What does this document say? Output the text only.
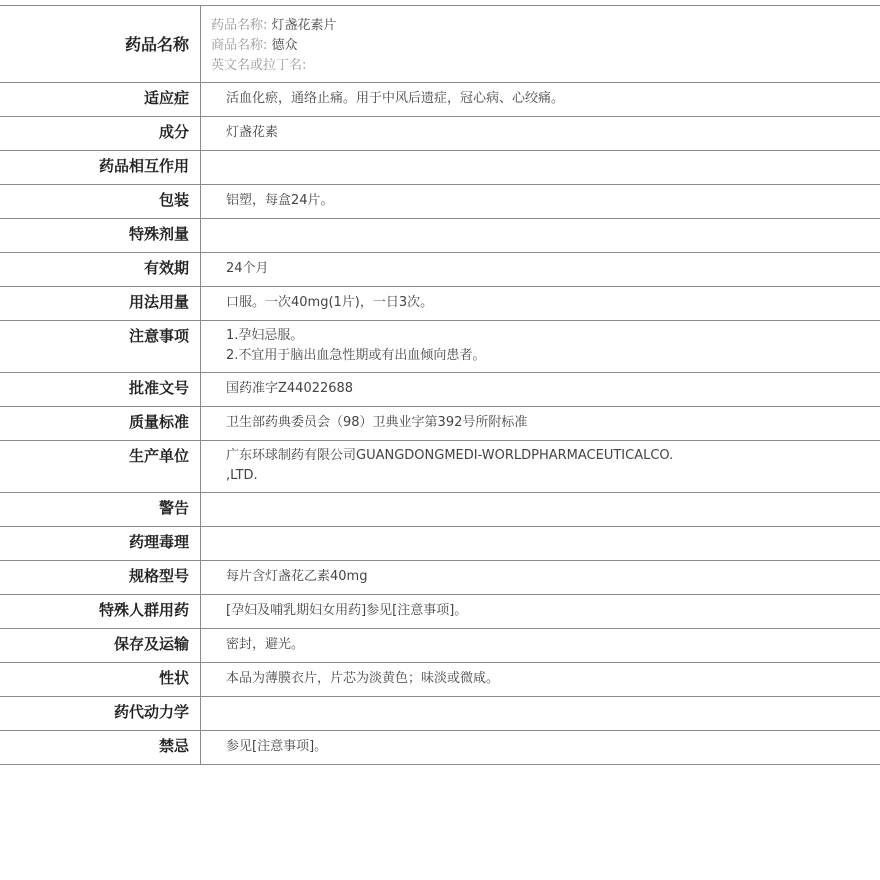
药品名称	药品名称: 灯盏花素片
商品名称: 德众
英文名或拉丁名:

适应症	活血化瘀，通络止痛。用于中风后遗症，冠心病、心绞痛。

成分	灯盏花素

药品相互作用	

包装	铝塑，每盒24片。

特殊剂量	

有效期	24个月

用法用量	口服。一次40mg(1片)，一日3次。

注意事项	1.孕妇忌服。
2.不宜用于脑出血急性期或有出血倾向患者。

批准文号	国药准字Z44022688

质量标准	卫生部药典委员会（98）卫典业字第392号所附标准

生产单位	广东环球制药有限公司GUANGDONGMEDI-WORLDPHARMACEUTICALCO.
,LTD.

警告	

药理毒理	

规格型号	每片含灯盏花乙素40mg

特殊人群用药	[孕妇及哺乳期妇女用药]参见[注意事项]。

保存及运输	密封，避光。

性状	本品为薄膜衣片，片芯为淡黄色；味淡或微咸。

药代动力学	

禁忌	参见[注意事项]。
